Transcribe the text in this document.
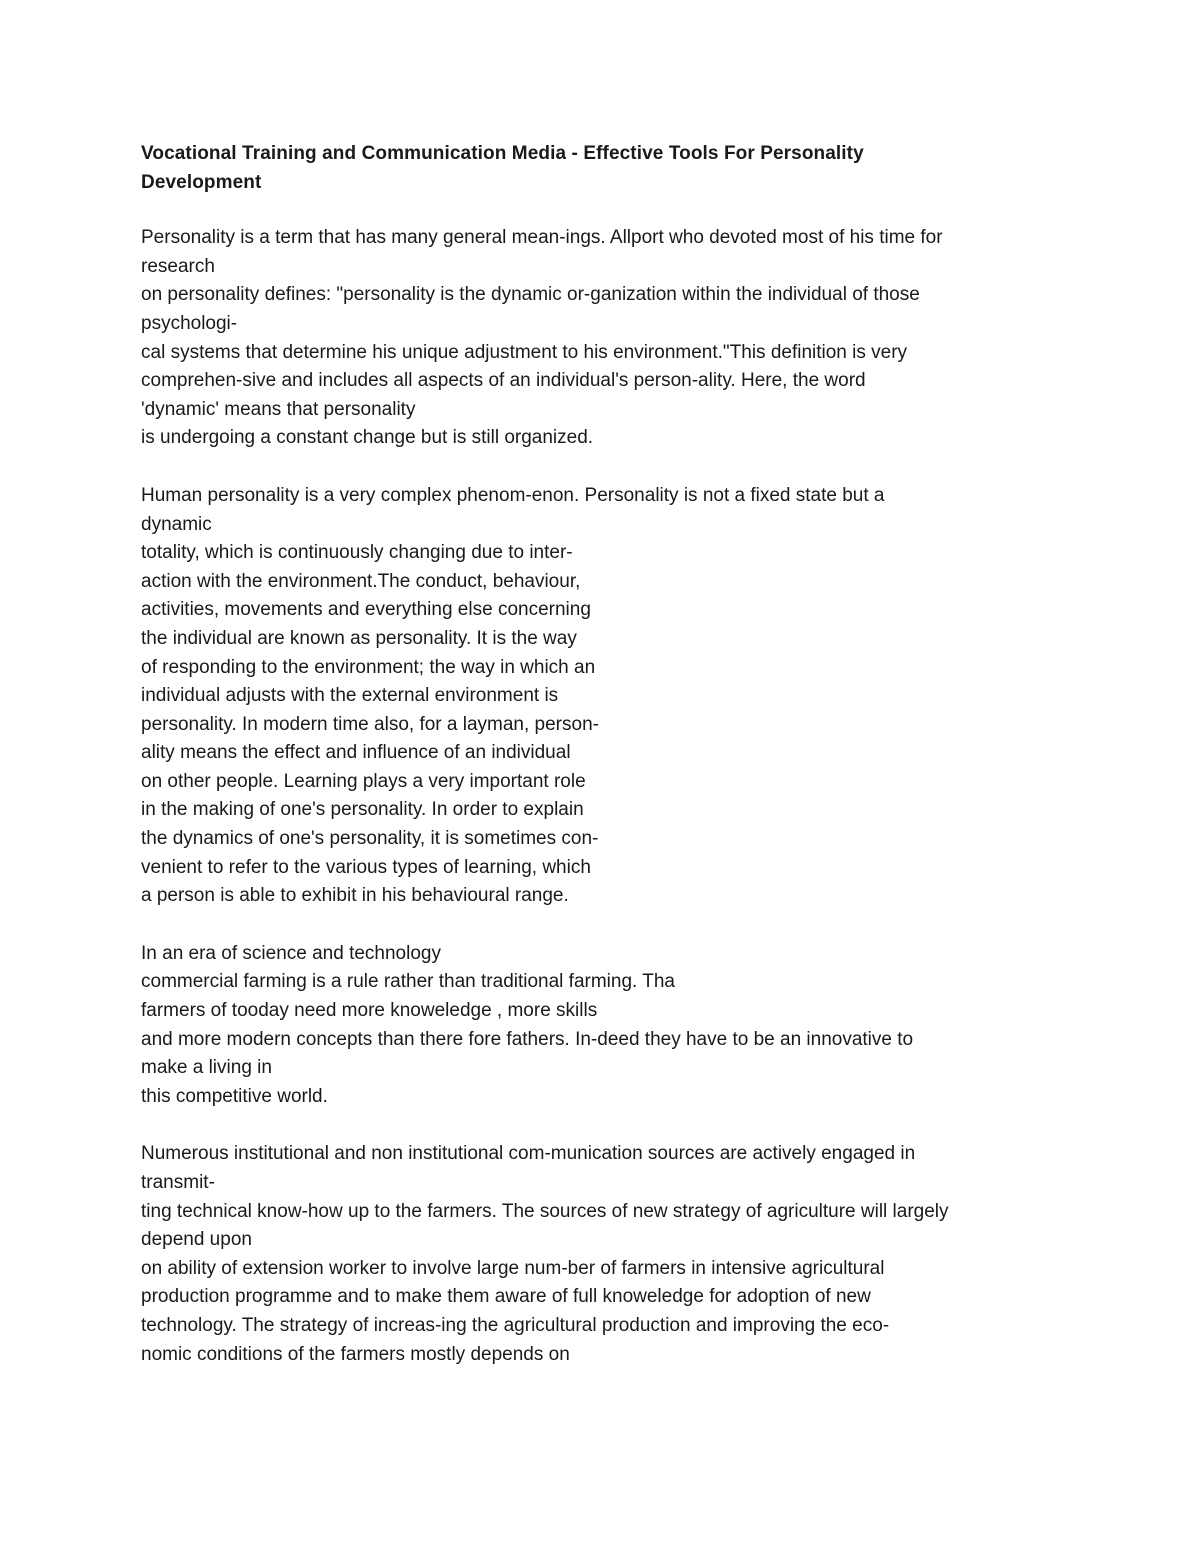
Vocational Training and Communication Media - Effective Tools For Personality
Development

Personality is a term that has many general mean-ings. Allport who devoted most of his time for
research
on personality defines: "personality is the dynamic or-ganization within the individual of those
psychologi-
cal systems that determine his unique adjustment to his environment."This definition is very
comprehen-sive and includes all aspects of an individual's person-ality. Here, the word
'dynamic' means that personality
is undergoing a constant change but is still organized.

Human personality is a very complex phenom-enon. Personality is not a fixed state but a
dynamic
totality, which is continuously changing due to inter-
action with the environment.The conduct, behaviour,
activities, movements and everything else concerning
the individual are known as personality. It is the way
of responding to the environment; the way in which an
individual adjusts with the external environment is
personality. In modern time also, for a layman, person-
ality means the effect and influence of an individual
on other people. Learning plays a very important role
in the making of one's personality. In order to explain
the dynamics of one's personality, it is sometimes con-
venient to refer to the various types of learning, which
a person is able to exhibit in his behavioural range.

In an era of science and technology
commercial farming is a rule rather than traditional farming. Tha
farmers of tooday need more knoweledge , more skills
and more modern concepts than there fore fathers. In-deed they have to be an innovative to
make a living in
this competitive world.

Numerous institutional and non institutional com-munication sources are actively engaged in
transmit-
ting technical know-how up to the farmers. The sources of new strategy of agriculture will largely
depend upon
on ability of extension worker to involve large num-ber of farmers in intensive agricultural
production programme and to make them aware of full knoweledge for adoption of new
technology. The strategy of increas-ing the agricultural production and improving the eco-
nomic conditions of the farmers mostly depends on
